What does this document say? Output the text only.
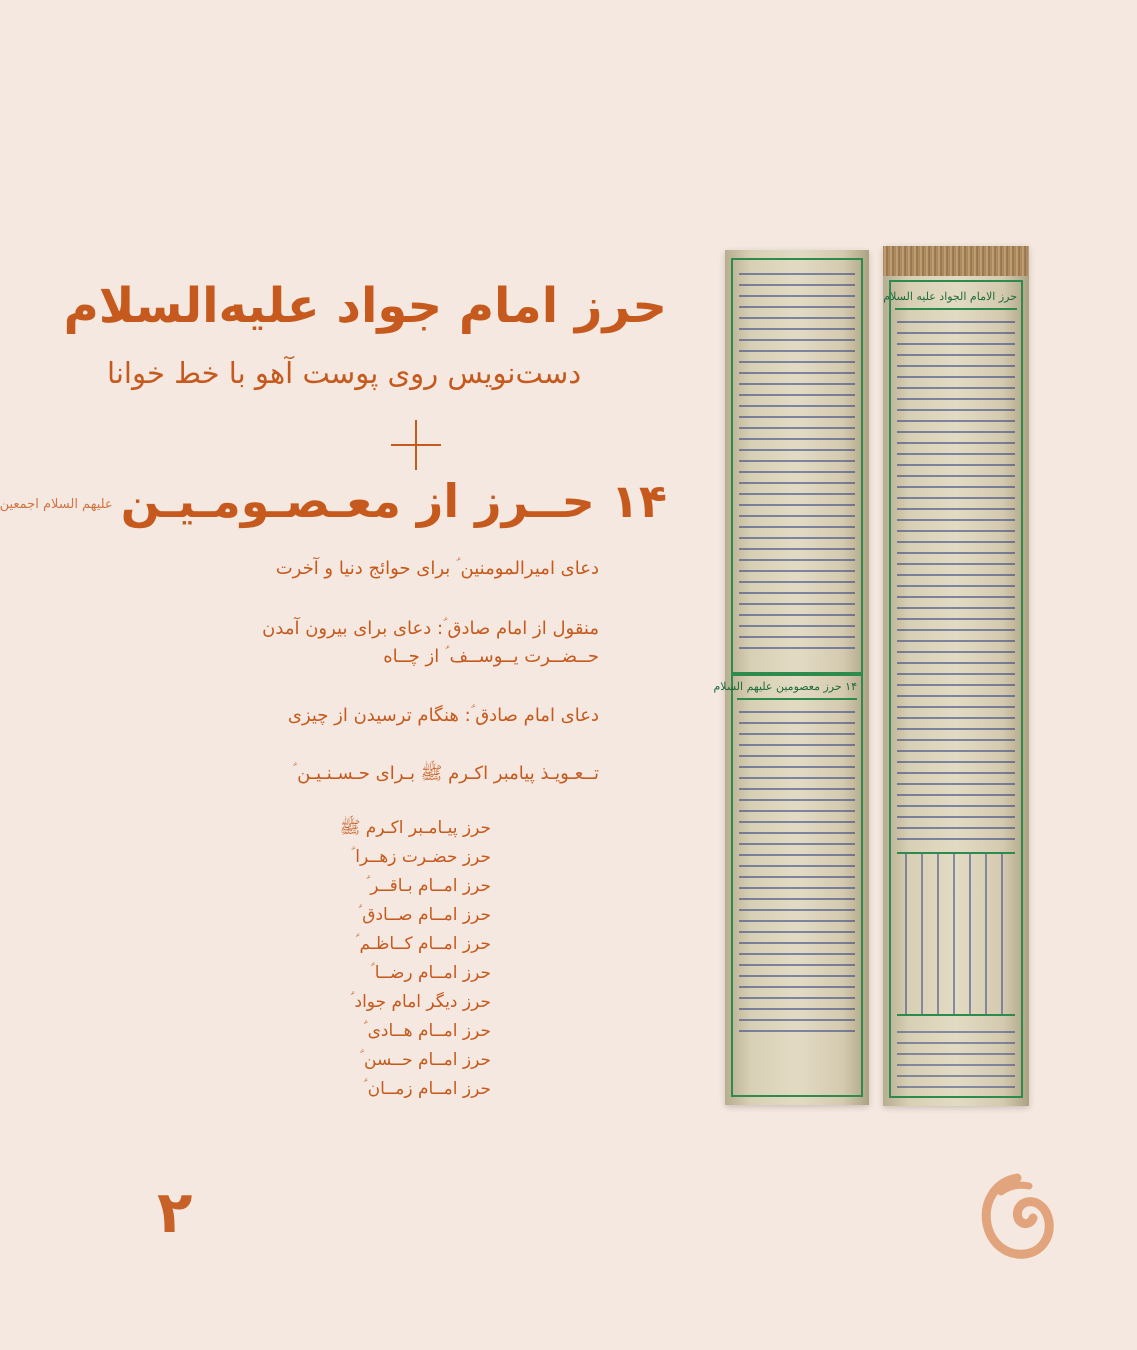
حرز امام جواد علیه‌السلام
دست‌نویس روی پوست آهو با خط خوانا
۱۴ حــرز از معـصـومـیـنعلیهم السلام اجمعین
دعای امیرالمومنین ؑ برای حوائج دنیا و آخرت
منقول از امام صادق ؑ: دعای برای بیرون آمدن
حــضــرت یــوســف ؑ از چــاه
دعای امام صادق ؑ: هنگام ترسیدن از چیزی
تــعـویـذ پیامبر اکـرم ﷺ بـرای حـسـنـیـن ؑ
حرز پیـامـبر اکـرم ﷺ
حرز حضـرت زهــرا ؑ
حرز امــام بـاقــر ؑ
حرز امــام صــادق ؑ
حرز امــام کــاظـم ؑ
حرز امــام رضــا ؑ
حرز دیگر امام جواد ؑ
حرز امــام هــادی ؑ
حرز امــام حــسن ؑ
حرز امــام زمــان ؑ
۱۴ حرز معصومین علیهم السلام
حرز الامام الجواد علیه السلام
۲
